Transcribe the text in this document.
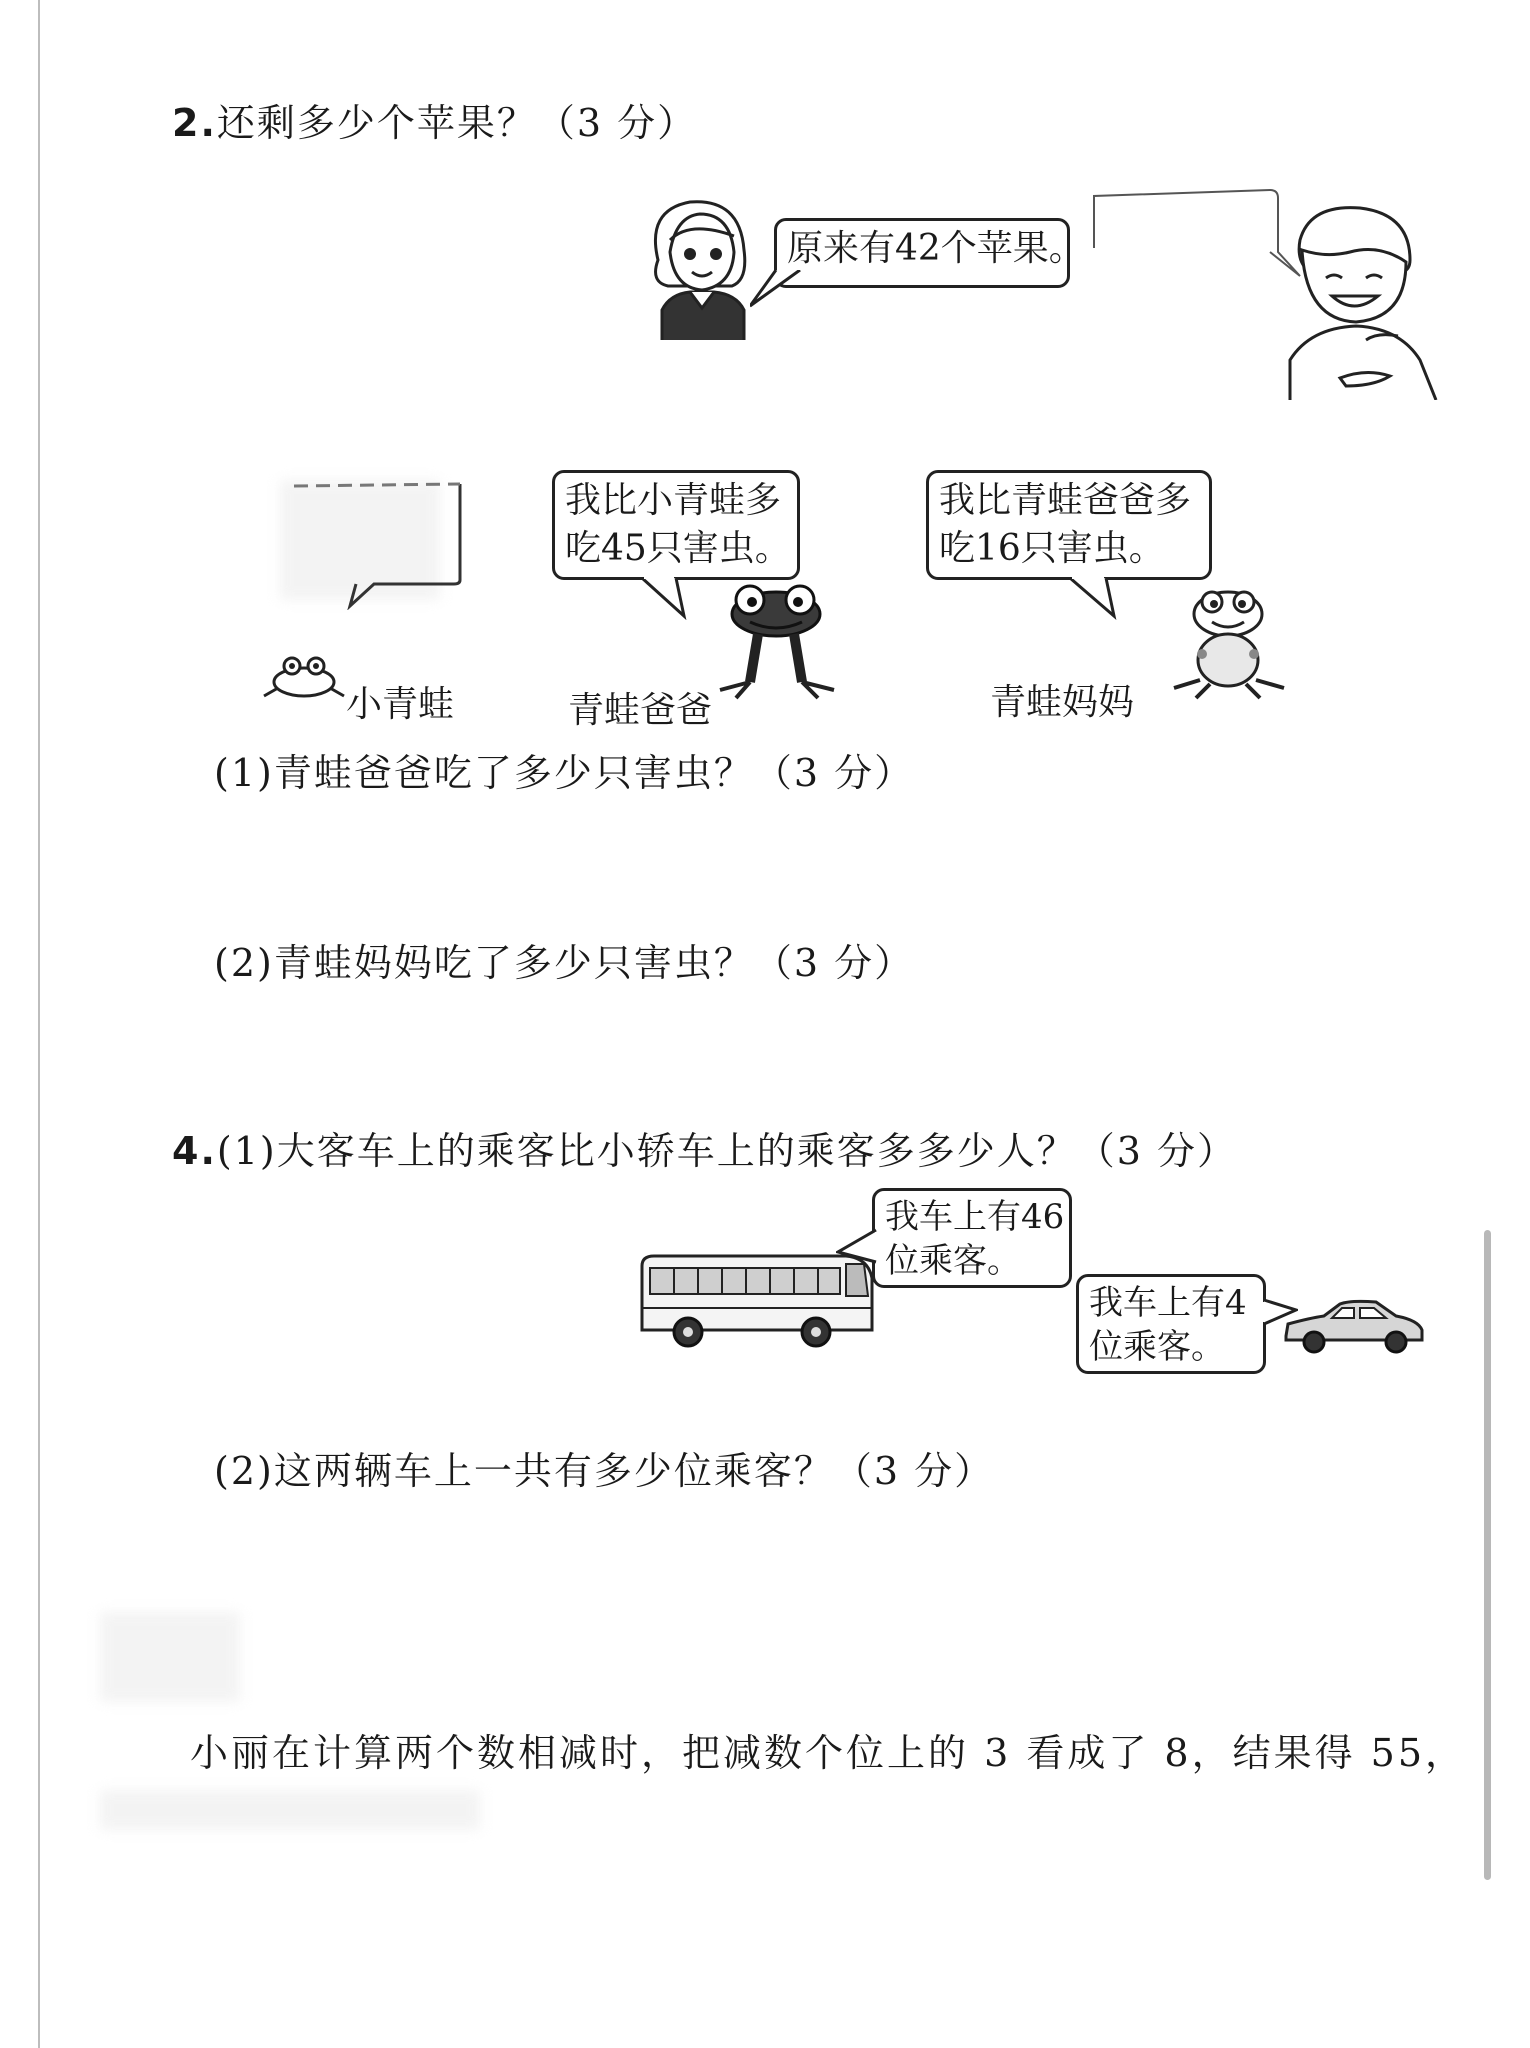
2.还剩多少个苹果？（3 分）
原来有42个苹果。
小青蛙
我比小青蛙多
吃45只害虫。
青蛙爸爸
我比青蛙爸爸多
吃16只害虫。
青蛙妈妈
(1)青蛙爸爸吃了多少只害虫？（3 分）
(2)青蛙妈妈吃了多少只害虫？（3 分）
4.(1)大客车上的乘客比小轿车上的乘客多多少人？（3 分）
我车上有46
位乘客。
我车上有4
位乘客。
(2)这两辆车上一共有多少位乘客？（3 分）
小丽在计算两个数相减时，把减数个位上的 3 看成了 8，结果得 55，
